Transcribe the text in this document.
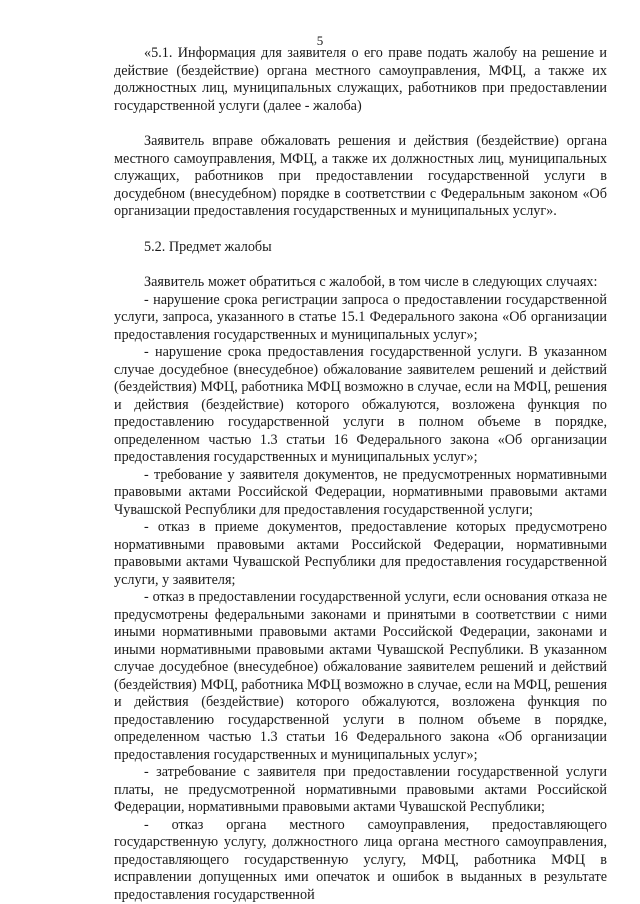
5

«5.1. Информация для заявителя о его праве подать жалобу на решение и действие (бездействие) органа местного самоуправления, МФЦ, а также их должностных лиц, муниципальных служащих, работников при предоставлении государственной услуги (далее - жалоба)

Заявитель вправе обжаловать решения и действия (бездействие) органа местного самоуправления, МФЦ, а также их должностных лиц, муниципальных служащих, работников при предоставлении государственной услуги в досудебном (внесудебном) порядке в соответствии с Федеральным законом «Об организации предоставления государственных и муниципальных услуг».

5.2. Предмет жалобы

Заявитель может обратиться с жалобой, в том числе в следующих случаях:

- нарушение срока регистрации запроса о предоставлении государственной услуги, запроса, указанного в статье 15.1 Федерального закона «Об организации предоставления государственных и муниципальных услуг»;

- нарушение срока предоставления государственной услуги. В указанном случае досудебное (внесудебное) обжалование заявителем решений и действий (бездействия) МФЦ, работника МФЦ возможно в случае, если на МФЦ, решения и действия (бездействие) которого обжалуются, возложена функция по предоставлению государственной услуги в полном объеме в порядке, определенном частью 1.3 статьи 16 Федерального закона «Об организации предоставления государственных и муниципальных услуг»;

- требование у заявителя документов, не предусмотренных нормативными правовыми актами Российской Федерации, нормативными правовыми актами Чувашской Республики для предоставления государственной услуги;

- отказ в приеме документов, предоставление которых предусмотрено нормативными правовыми актами Российской Федерации, нормативными правовыми актами Чувашской Республики для предоставления государственной услуги, у заявителя;

- отказ в предоставлении государственной услуги, если основания отказа не предусмотрены федеральными законами и принятыми в соответствии с ними иными нормативными правовыми актами Российской Федерации, законами и иными нормативными правовыми актами Чувашской Республики. В указанном случае досудебное (внесудебное) обжалование заявителем решений и действий (бездействия) МФЦ, работника МФЦ возможно в случае, если на МФЦ, решения и действия (бездействие) которого обжалуются, возложена функция по предоставлению государственной услуги в полном объеме в порядке, определенном частью 1.3 статьи 16 Федерального закона «Об организации предоставления государственных и муниципальных услуг»;

- затребование с заявителя при предоставлении государственной услуги платы, не предусмотренной нормативными правовыми актами Российской Федерации, нормативными правовыми актами Чувашской Республики;

- отказ органа местного самоуправления, предоставляющего государственную услугу, должностного лица органа местного самоуправления, предоставляющего государственную услугу, МФЦ, работника МФЦ в исправлении допущенных ими опечаток и ошибок в выданных в результате предоставления государственной
